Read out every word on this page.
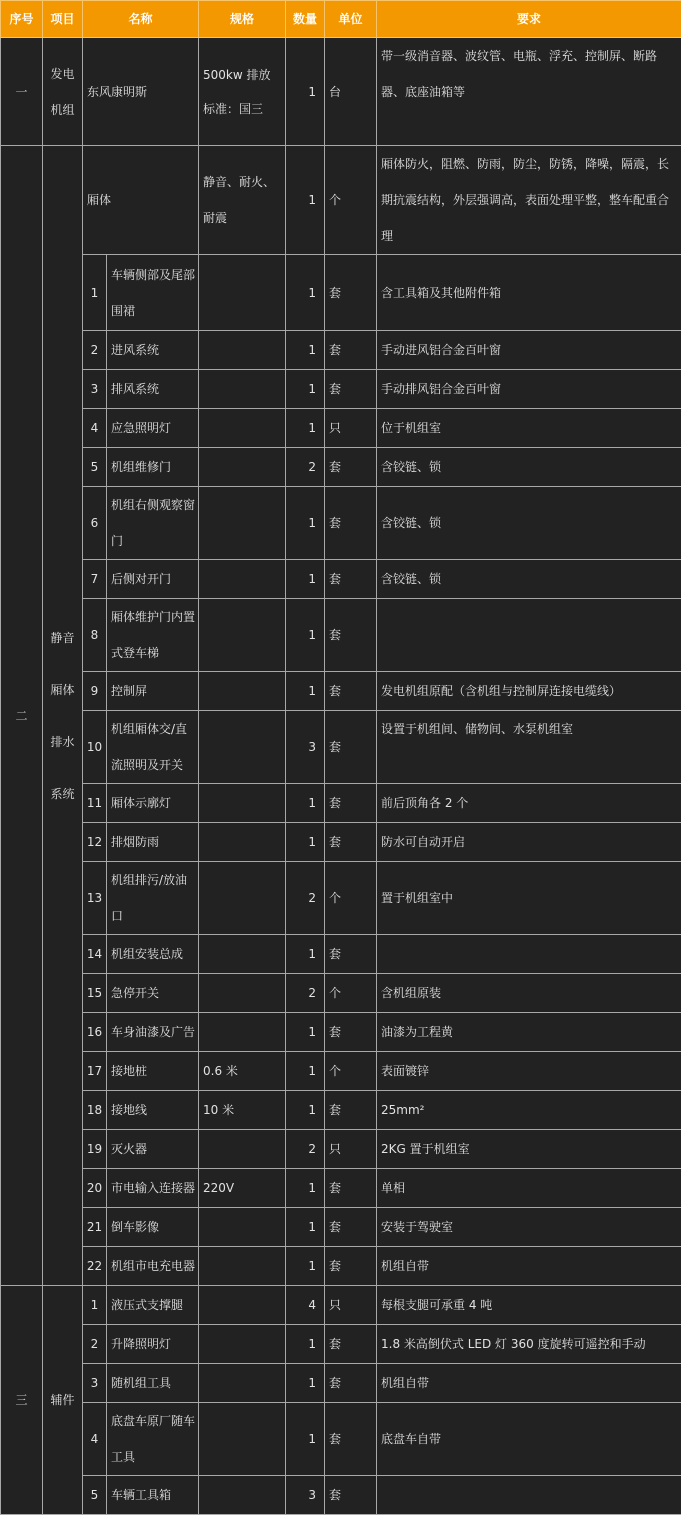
序号	项目	名称		规格	数量	单位	要求
一	发电机组	东风康明斯		500kw 排放标准：国三	1	台	带一级消音器、波纹管、电瓶、浮充、控制屏、断路器、底座油箱等
二	静音厢体排水系统	厢体		静音、耐火、耐震	1	个	厢体防火，阻燃、防雨，防尘，防锈，降噪，隔震，长期抗震结构，外层强调高，表面处理平整，整车配重合理
		1	车辆侧部及尾部围裙		1	套	含工具箱及其他附件箱
		2	进风系统		1	套	手动进风铝合金百叶窗
		3	排风系统		1	套	手动排风铝合金百叶窗
		4	应急照明灯		1	只	位于机组室
		5	机组维修门		2	套	含铰链、锁
		6	机组右侧观察窗门		1	套	含铰链、锁
		7	后侧对开门		1	套	含铰链、锁
		8	厢体维护门内置式登车梯		1	套	
		9	控制屏		1	套	发电机组原配（含机组与控制屏连接电缆线）
		10	机组厢体交/直流照明及开关		3	套	设置于机组间、储物间、水泵机组室
		11	厢体示廓灯		1	套	前后顶角各 2 个
		12	排烟防雨		1	套	防水可自动开启
		13	机组排污/放油口		2	个	置于机组室中
		14	机组安装总成		1	套	
		15	急停开关		2	个	含机组原装
		16	车身油漆及广告		1	套	油漆为工程黄
		17	接地桩	0.6 米	1	个	表面镀锌
		18	接地线	10 米	1	套	25mm²
		19	灭火器		2	只	2KG 置于机组室
		20	市电输入连接器	220V	1	套	单相
		21	倒车影像		1	套	安装于驾驶室
		22	机组市电充电器		1	套	机组自带
三	辅件	1	液压式支撑腿		4	只	每根支腿可承重 4 吨
		2	升降照明灯		1	套	1.8 米高倒伏式 LED 灯 360 度旋转可遥控和手动
		3	随机组工具		1	套	机组自带
		4	底盘车原厂随车工具		1	套	底盘车自带
		5	车辆工具箱		3	套	
